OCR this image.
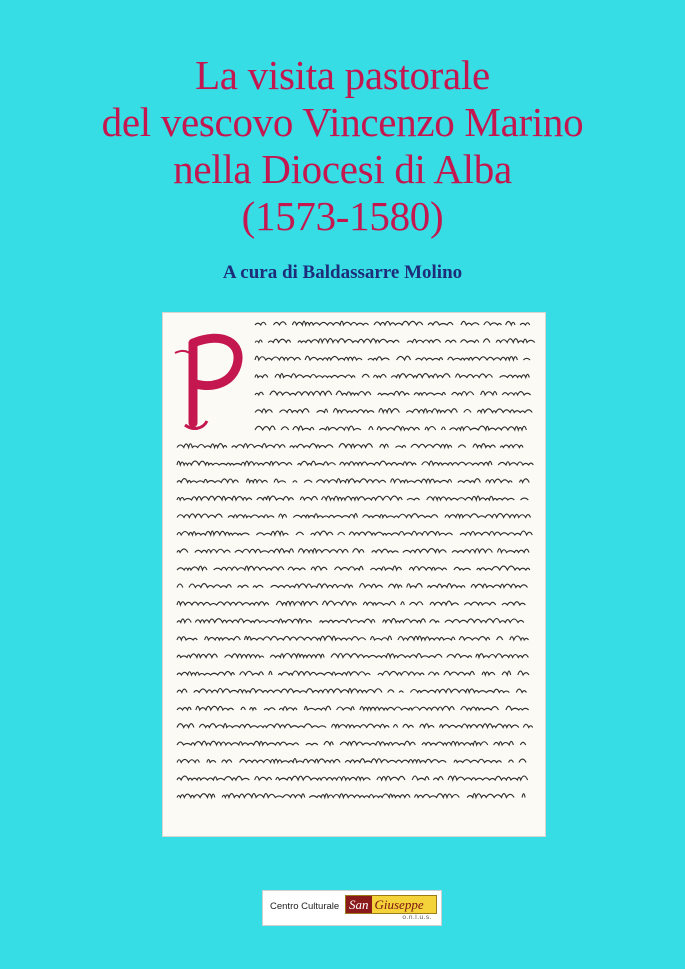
La visita pastorale
del vescovo Vincenzo Marino
nella Diocesi di Alba
(1573-1580)
A cura di Baldassarre Molino
Centro Culturale San Giuseppe
o.n.l.u.s.
